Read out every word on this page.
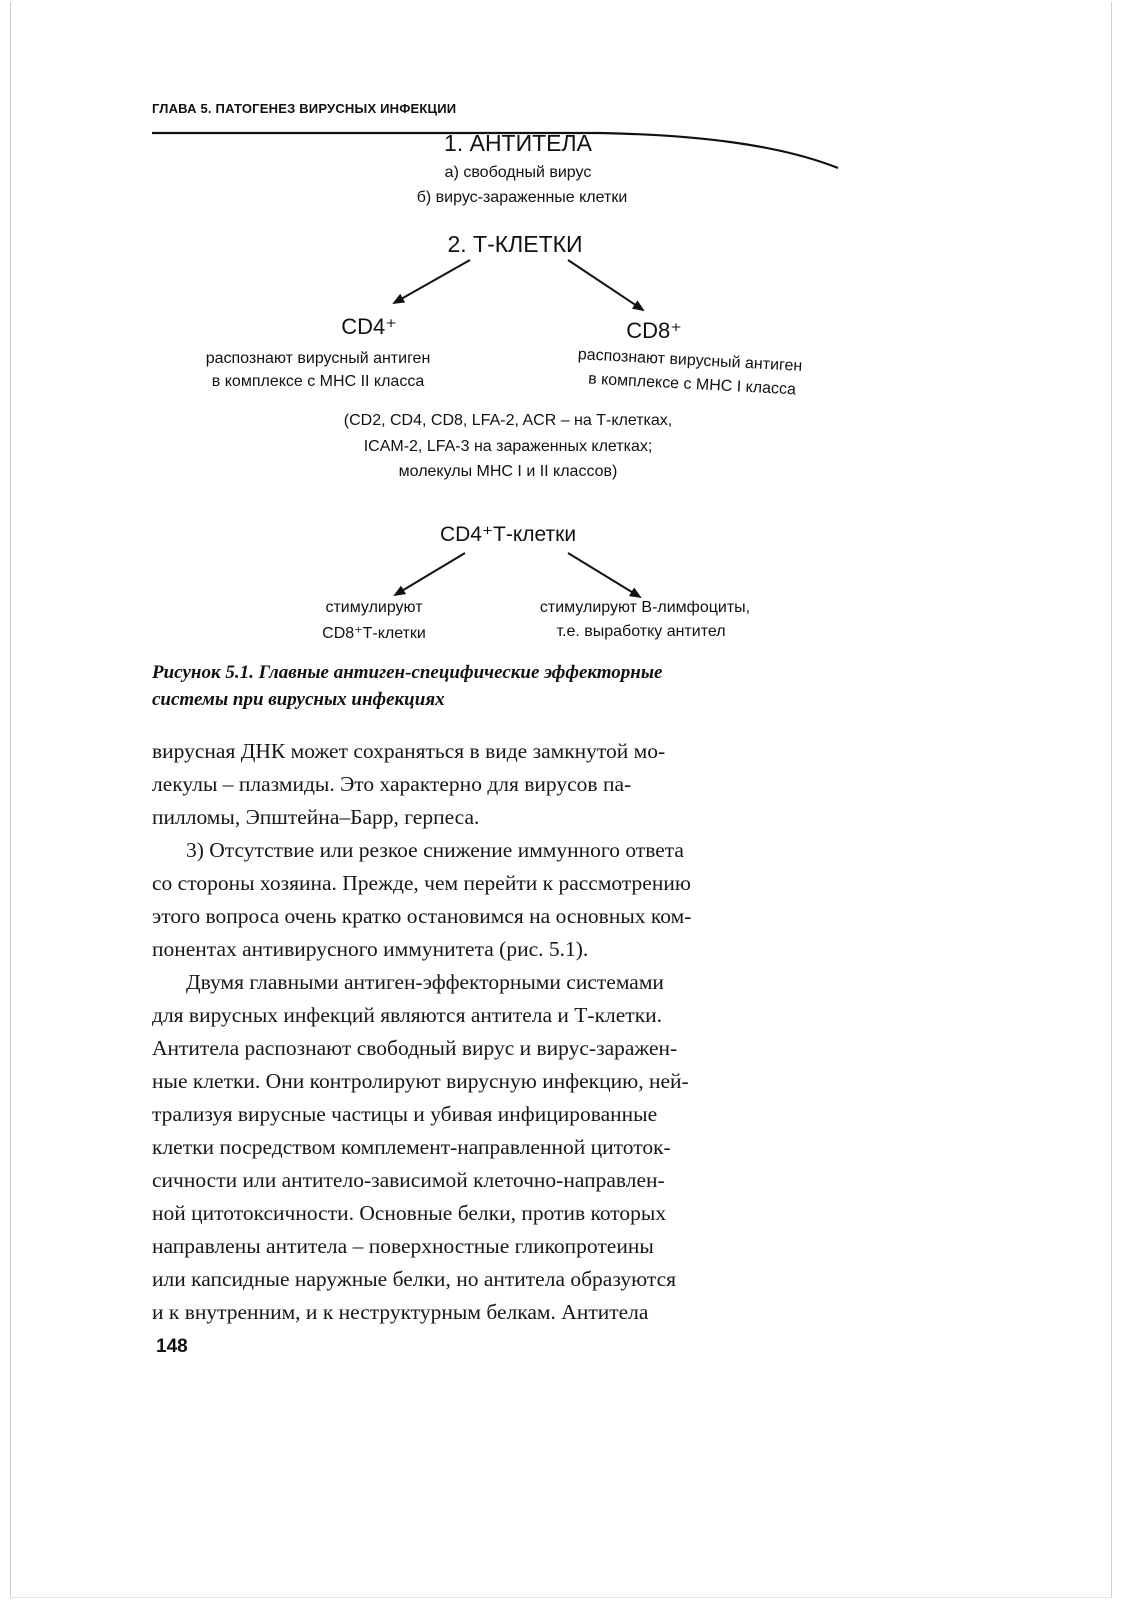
ГЛАВА 5. ПАТОГЕНЕЗ ВИРУСНЫХ ИНФЕКЦИИ
1. АНТИТЕЛА
а) свободный вирус
б) вирус-зараженные клетки
2. Т-КЛЕТКИ
CD4⁺
распознают вирусный антиген
в комплексе с МНС II класса
CD8⁺
распознают вирусный антиген
в комплексе с МНС I класса
(CD2, CD4, CD8, LFA-2, ACR – на Т-клетках,
ICAM-2, LFA-3 на зараженных клетках;
молекулы МНС I и II классов)
CD4⁺Т-клетки
стимулируют
CD8⁺Т-клетки
стимулируют В-лимфоциты,
т.е. выработку антител
Рисунок 5.1. Главные антиген-специфические эффекторные
системы при вирусных инфекциях
вирусная ДНК может сохраняться в виде замкнутой мо-
лекулы – плазмиды. Это характерно для вирусов па-
пилломы, Эпштейна–Барр, герпеса.
3) Отсутствие или резкое снижение иммунного ответа
со стороны хозяина. Прежде, чем перейти к рассмотрению
этого вопроса очень кратко остановимся на основных ком-
понентах антивирусного иммунитета (рис. 5.1).
Двумя главными антиген-эффекторными системами
для вирусных инфекций являются антитела и Т-клетки.
Антитела распознают свободный вирус и вирус-заражен-
ные клетки. Они контролируют вирусную инфекцию, ней-
трализуя вирусные частицы и убивая инфицированные
клетки посредством комплемент-направленной цитоток-
сичности или антитело-зависимой клеточно-направлен-
ной цитотоксичности. Основные белки, против которых
направлены антитела – поверхностные гликопротеины
или капсидные наружные белки, но антитела образуются
и к внутренним, и к неструктурным белкам. Антитела
148
